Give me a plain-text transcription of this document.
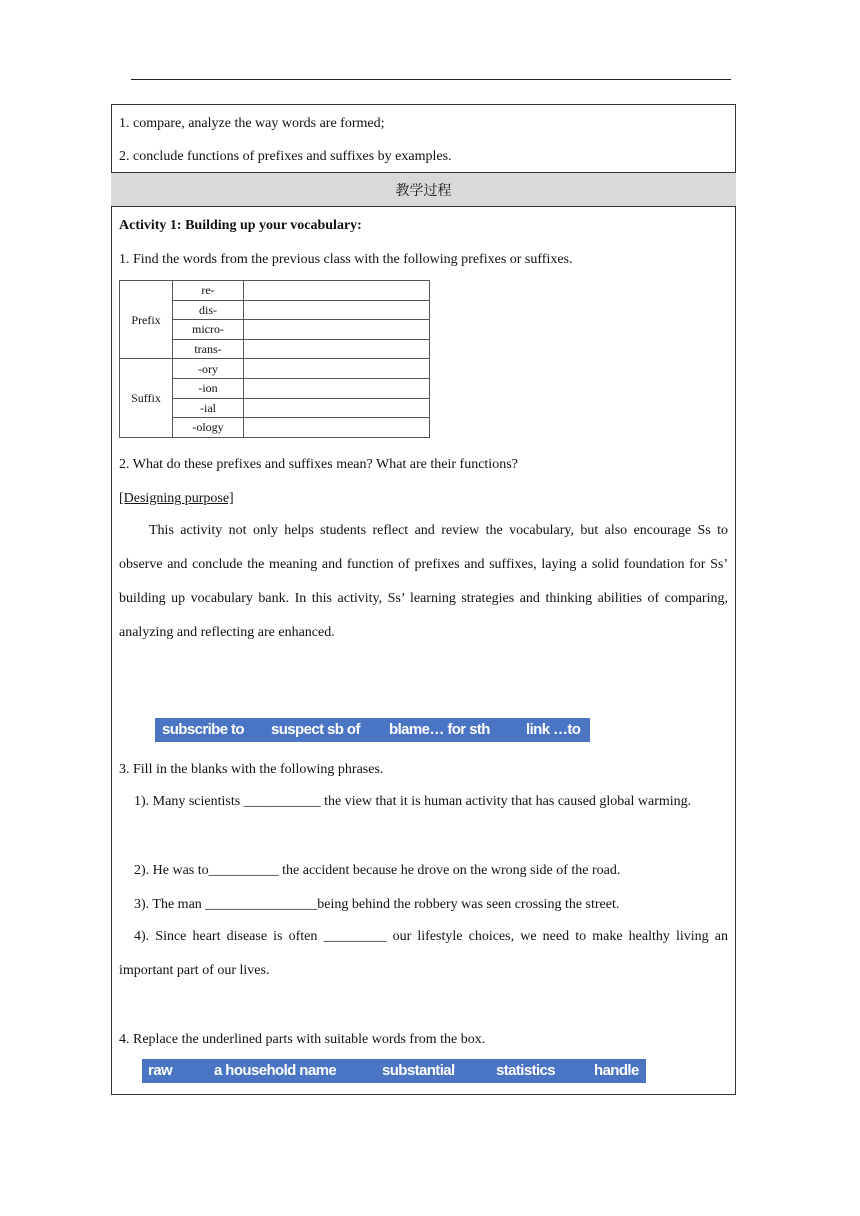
1. compare, analyze the way words are formed;
2. conclude functions of prefixes and suffixes by examples.
教学过程
Activity 1: Building up your vocabulary:
1. Find the words from the previous class with the following prefixes or suffixes.
Prefix	re-	
	dis-	
	micro-	
	trans-	
Suffix	-ory	
	-ion	
	-ial	
	-ology	
2. What do these prefixes and suffixes mean? What are their functions?
[Designing purpose]
This activity not only helps students reflect and review the vocabulary, but also encourage Ss to observe and conclude the meaning and function of prefixes and suffixes, laying a solid foundation for Ss’ building up vocabulary bank. In this activity, Ss’ learning strategies and thinking abilities of comparing, analyzing and reflecting are enhanced.
subscribe to suspect sb of blame… for sth link …to
3. Fill in the blanks with the following phrases.
1). Many scientists ___________ the view that it is human activity that has caused global warming.
2). He was to__________ the accident because he drove on the wrong side of the road.
3). The man ________________being behind the robbery was seen crossing the street.
4). Since heart disease is often _________ our lifestyle choices, we need to make healthy living an important part of our lives.
4. Replace the underlined parts with suitable words from the box.
raw	a household name	substantial	statistics	handle
